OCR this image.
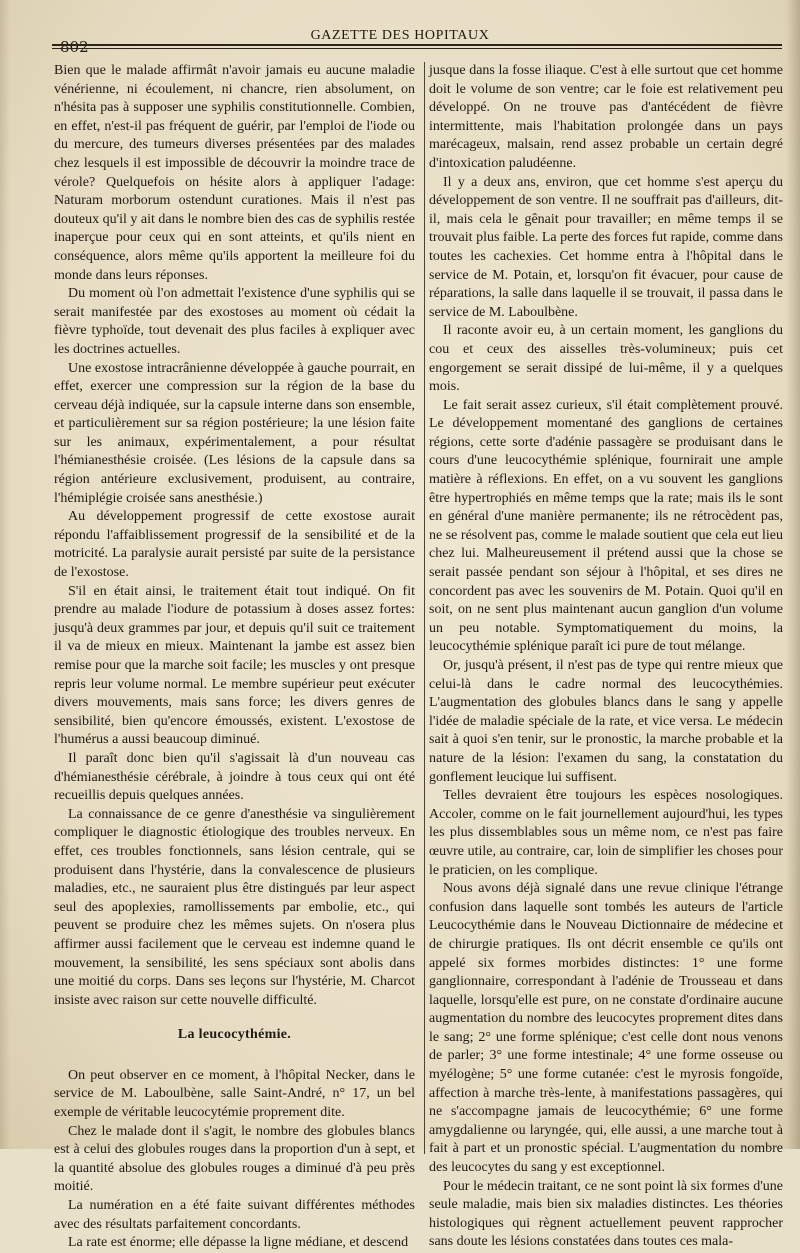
802
GAZETTE DES HOPITAUX

Bien que le malade affirmât n'avoir jamais eu aucune maladie vénérienne, ni écoulement, ni chancre, rien absolument, on n'hésita pas à supposer une syphilis constitutionnelle. Combien, en effet, n'est-il pas fréquent de guérir, par l'emploi de l'iode ou du mercure, des tumeurs diverses présentées par des malades chez lesquels il est impossible de découvrir la moindre trace de vérole? Quelquefois on hésite alors à appliquer l'adage: Naturam morborum ostendunt curationes. Mais il n'est pas douteux qu'il y ait dans le nombre bien des cas de syphilis restée inaperçue pour ceux qui en sont atteints, et qu'ils nient en conséquence, alors même qu'ils apportent la meilleure foi du monde dans leurs réponses.

Du moment où l'on admettait l'existence d'une syphilis qui se serait manifestée par des exostoses au moment où cédait la fièvre typhoïde, tout devenait des plus faciles à expliquer avec les doctrines actuelles.

Une exostose intracrânienne développée à gauche pourrait, en effet, exercer une compression sur la région de la base du cerveau déjà indiquée, sur la capsule interne dans son ensemble, et particulièrement sur sa région postérieure; la une lésion faite sur les animaux, expérimentalement, a pour résultat l'hémianesthésie croisée. (Les lésions de la capsule dans sa région antérieure exclusivement, produisent, au contraire, l'hémiplégie croisée sans anesthésie.)

Au développement progressif de cette exostose aurait répondu l'affaiblissement progressif de la sensibilité et de la motricité. La paralysie aurait persisté par suite de la persistance de l'exostose.

S'il en était ainsi, le traitement était tout indiqué. On fit prendre au malade l'iodure de potassium à doses assez fortes: jusqu'à deux grammes par jour, et depuis qu'il suit ce traitement il va de mieux en mieux. Maintenant la jambe est assez bien remise pour que la marche soit facile; les muscles y ont presque repris leur volume normal. Le membre supérieur peut exécuter divers mouvements, mais sans force; les divers genres de sensibilité, bien qu'encore émoussés, existent. L'exostose de l'humérus a aussi beaucoup diminué.

Il paraît donc bien qu'il s'agissait là d'un nouveau cas d'hémianesthésie cérébrale, à joindre à tous ceux qui ont été recueillis depuis quelques années.

La connaissance de ce genre d'anesthésie va singulièrement compliquer le diagnostic étiologique des troubles nerveux. En effet, ces troubles fonctionnels, sans lésion centrale, qui se produisent dans l'hystérie, dans la convalescence de plusieurs maladies, etc., ne sauraient plus être distingués par leur aspect seul des apoplexies, ramollissements par embolie, etc., qui peuvent se produire chez les mêmes sujets. On n'osera plus affirmer aussi facilement que le cerveau est indemne quand le mouvement, la sensibilité, les sens spéciaux sont abolis dans une moitié du corps. Dans ses leçons sur l'hystérie, M. Charcot insiste avec raison sur cette nouvelle difficulté.

La leucocythémie.

On peut observer en ce moment, à l'hôpital Necker, dans le service de M. Laboulbène, salle Saint-André, n° 17, un bel exemple de véritable leucocytémie proprement dite.

Chez le malade dont il s'agit, le nombre des globules blancs est à celui des globules rouges dans la proportion d'un à sept, et la quantité absolue des globules rouges a diminué d'à peu près moitié.

La numération en a été faite suivant différentes méthodes avec des résultats parfaitement concordants.

La rate est énorme; elle dépasse la ligne médiane, et descend

jusque dans la fosse iliaque. C'est à elle surtout que cet homme doit le volume de son ventre; car le foie est relativement peu développé. On ne trouve pas d'antécédent de fièvre intermittente, mais l'habitation prolongée dans un pays marécageux, malsain, rend assez probable un certain degré d'intoxication paludéenne.

Il y a deux ans, environ, que cet homme s'est aperçu du développement de son ventre. Il ne souffrait pas d'ailleurs, dit-il, mais cela le gênait pour travailler; en même temps il se trouvait plus faible. La perte des forces fut rapide, comme dans toutes les cachexies. Cet homme entra à l'hôpital dans le service de M. Potain, et, lorsqu'on fit évacuer, pour cause de réparations, la salle dans laquelle il se trouvait, il passa dans le service de M. Laboulbène.

Il raconte avoir eu, à un certain moment, les ganglions du cou et ceux des aisselles très-volumineux; puis cet engorgement se serait dissipé de lui-même, il y a quelques mois.

Le fait serait assez curieux, s'il était complètement prouvé. Le développement momentané des ganglions de certaines régions, cette sorte d'adénie passagère se produisant dans le cours d'une leucocythémie splénique, fournirait une ample matière à réflexions. En effet, on a vu souvent les ganglions être hypertrophiés en même temps que la rate; mais ils le sont en général d'une manière permanente; ils ne rétrocèdent pas, ne se résolvent pas, comme le malade soutient que cela eut lieu chez lui. Malheureusement il prétend aussi que la chose se serait passée pendant son séjour à l'hôpital, et ses dires ne concordent pas avec les souvenirs de M. Potain. Quoi qu'il en soit, on ne sent plus maintenant aucun ganglion d'un volume un peu notable. Symptomatiquement du moins, la leucocythémie splénique paraît ici pure de tout mélange.

Or, jusqu'à présent, il n'est pas de type qui rentre mieux que celui-là dans le cadre normal des leucocythémies. L'augmentation des globules blancs dans le sang y appelle l'idée de maladie spéciale de la rate, et vice versa. Le médecin sait à quoi s'en tenir, sur le pronostic, la marche probable et la nature de la lésion: l'examen du sang, la constatation du gonflement leucique lui suffisent.

Telles devraient être toujours les espèces nosologiques. Accoler, comme on le fait journellement aujourd'hui, les types les plus dissemblables sous un même nom, ce n'est pas faire œuvre utile, au contraire, car, loin de simplifier les choses pour le praticien, on les complique.

Nous avons déjà signalé dans une revue clinique l'étrange confusion dans laquelle sont tombés les auteurs de l'article Leucocythémie dans le Nouveau Dictionnaire de médecine et de chirurgie pratiques. Ils ont décrit ensemble ce qu'ils ont appelé six formes morbides distinctes: 1° une forme ganglionnaire, correspondant à l'adénie de Trousseau et dans laquelle, lorsqu'elle est pure, on ne constate d'ordinaire aucune augmentation du nombre des leucocytes proprement dites dans le sang; 2° une forme splénique; c'est celle dont nous venons de parler; 3° une forme intestinale; 4° une forme osseuse ou myélogène; 5° une forme cutanée: c'est le myrosis fongoïde, affection à marche très-lente, à manifestations passagères, qui ne s'accompagne jamais de leucocythémie; 6° une forme amygdalienne ou laryngée, qui, elle aussi, a une marche tout à fait à part et un pronostic spécial. L'augmentation du nombre des leucocytes du sang y est exceptionnel.

Pour le médecin traitant, ce ne sont point là six formes d'une seule maladie, mais bien six maladies distinctes. Les théories histologiques qui règnent actuellement peuvent rapprocher sans doute les lésions constatées dans toutes ces mala-
